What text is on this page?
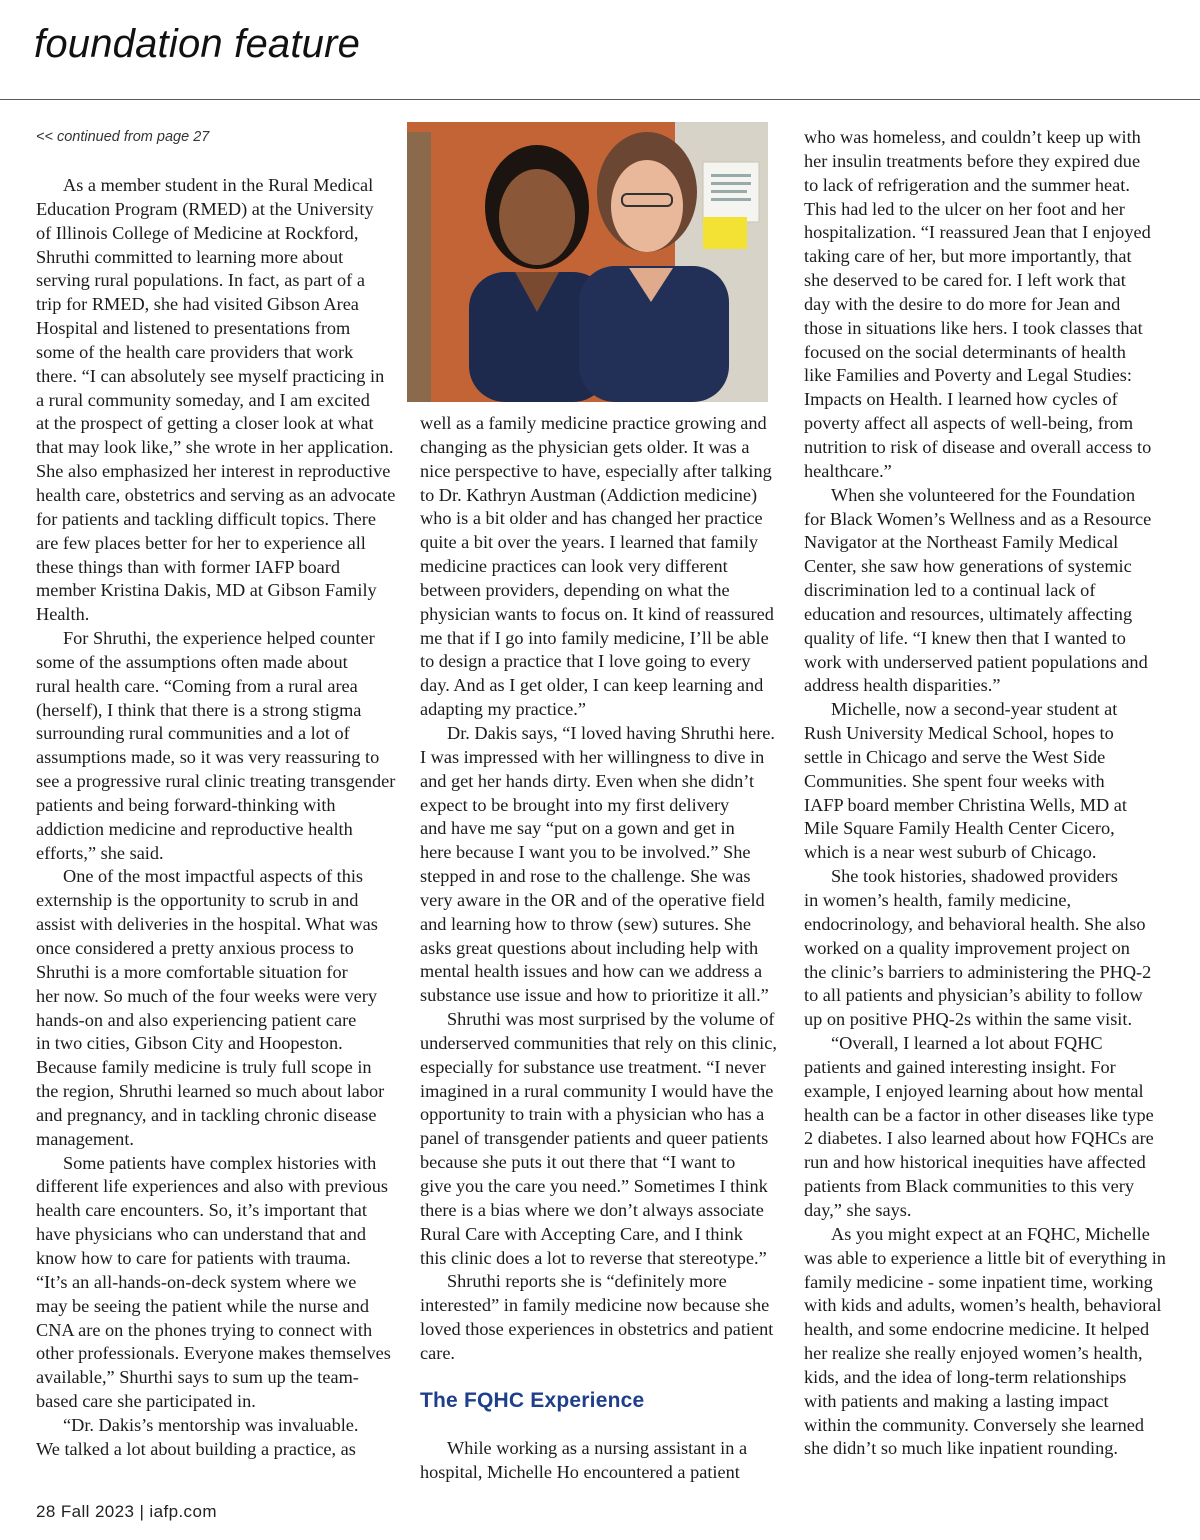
foundation feature
<< continued from page 27
As a member student in the Rural Medical
Education Program (RMED) at the University
of Illinois College of Medicine at Rockford,
Shruthi committed to learning more about
serving rural populations. In fact, as part of a
trip for RMED, she had visited Gibson Area
Hospital and listened to presentations from
some of the health care providers that work
there. “I can absolutely see myself practicing in
a rural community someday, and I am excited
at the prospect of getting a closer look at what
that may look like,” she wrote in her application.
She also emphasized her interest in reproductive
health care, obstetrics and serving as an advocate
for patients and tackling difficult topics. There
are few places better for her to experience all
these things than with former IAFP board
member Kristina Dakis, MD at Gibson Family
Health.
For Shruthi, the experience helped counter
some of the assumptions often made about
rural health care. “Coming from a rural area
(herself), I think that there is a strong stigma
surrounding rural communities and a lot of
assumptions made, so it was very reassuring to
see a progressive rural clinic treating transgender
patients and being forward-thinking with
addiction medicine and reproductive health
efforts,” she said.
One of the most impactful aspects of this
externship is the opportunity to scrub in and
assist with deliveries in the hospital. What was
once considered a pretty anxious process to
Shruthi is a more comfortable situation for
her now. So much of the four weeks were very
hands-on and also experiencing patient care
in two cities, Gibson City and Hoopeston.
Because family medicine is truly full scope in
the region, Shruthi learned so much about labor
and pregnancy, and in tackling chronic disease
management.
Some patients have complex histories with
different life experiences and also with previous
health care encounters. So, it’s important that
have physicians who can understand that and
know how to care for patients with trauma.
“It’s an all-hands-on-deck system where we
may be seeing the patient while the nurse and
CNA are on the phones trying to connect with
other professionals. Everyone makes themselves
available,” Shurthi says to sum up the team-
based care she participated in.
“Dr. Dakis’s mentorship was invaluable.
We talked a lot about building a practice, as
well as a family medicine practice growing and
changing as the physician gets older. It was a
nice perspective to have, especially after talking
to Dr. Kathryn Austman (Addiction medicine)
who is a bit older and has changed her practice
quite a bit over the years. I learned that family
medicine practices can look very different
between providers, depending on what the
physician wants to focus on. It kind of reassured
me that if I go into family medicine, I’ll be able
to design a practice that I love going to every
day. And as I get older, I can keep learning and
adapting my practice.”
Dr. Dakis says, “I loved having Shruthi here.
I was impressed with her willingness to dive in
and get her hands dirty. Even when she didn’t
expect to be brought into my first delivery
and have me say “put on a gown and get in
here because I want you to be involved.” She
stepped in and rose to the challenge. She was
very aware in the OR and of the operative field
and learning how to throw (sew) sutures. She
asks great questions about including help with
mental health issues and how can we address a
substance use issue and how to prioritize it all.”
Shruthi was most surprised by the volume of
underserved communities that rely on this clinic,
especially for substance use treatment. “I never
imagined in a rural community I would have the
opportunity to train with a physician who has a
panel of transgender patients and queer patients
because she puts it out there that “I want to
give you the care you need.” Sometimes I think
there is a bias where we don’t always associate
Rural Care with Accepting Care, and I think
this clinic does a lot to reverse that stereotype.”
Shruthi reports she is “definitely more
interested” in family medicine now because she
loved those experiences in obstetrics and patient
care.
The FQHC Experience
While working as a nursing assistant in a
hospital, Michelle Ho encountered a patient
who was homeless, and couldn’t keep up with
her insulin treatments before they expired due
to lack of refrigeration and the summer heat.
This had led to the ulcer on her foot and her
hospitalization. “I reassured Jean that I enjoyed
taking care of her, but more importantly, that
she deserved to be cared for. I left work that
day with the desire to do more for Jean and
those in situations like hers. I took classes that
focused on the social determinants of health
like Families and Poverty and Legal Studies:
Impacts on Health. I learned how cycles of
poverty affect all aspects of well-being, from
nutrition to risk of disease and overall access to
healthcare.”
When she volunteered for the Foundation
for Black Women’s Wellness and as a Resource
Navigator at the Northeast Family Medical
Center, she saw how generations of systemic
discrimination led to a continual lack of
education and resources, ultimately affecting
quality of life. “I knew then that I wanted to
work with underserved patient populations and
address health disparities.”
Michelle, now a second-year student at
Rush University Medical School, hopes to
settle in Chicago and serve the West Side
Communities. She spent four weeks with
IAFP board member Christina Wells, MD at
Mile Square Family Health Center Cicero,
which is a near west suburb of Chicago.
She took histories, shadowed providers
in women’s health, family medicine,
endocrinology, and behavioral health. She also
worked on a quality improvement project on
the clinic’s barriers to administering the PHQ-2
to all patients and physician’s ability to follow
up on positive PHQ-2s within the same visit.
“Overall, I learned a lot about FQHC
patients and gained interesting insight. For
example, I enjoyed learning about how mental
health can be a factor in other diseases like type
2 diabetes. I also learned about how FQHCs are
run and how historical inequities have affected
patients from Black communities to this very
day,” she says.
As you might expect at an FQHC, Michelle
was able to experience a little bit of everything in
family medicine - some inpatient time, working
with kids and adults, women’s health, behavioral
health, and some endocrine medicine. It helped
her realize she really enjoyed women’s health,
kids, and the idea of long-term relationships
with patients and making a lasting impact
within the community. Conversely she learned
she didn’t so much like inpatient rounding.
28 Fall 2023 | iafp.com
